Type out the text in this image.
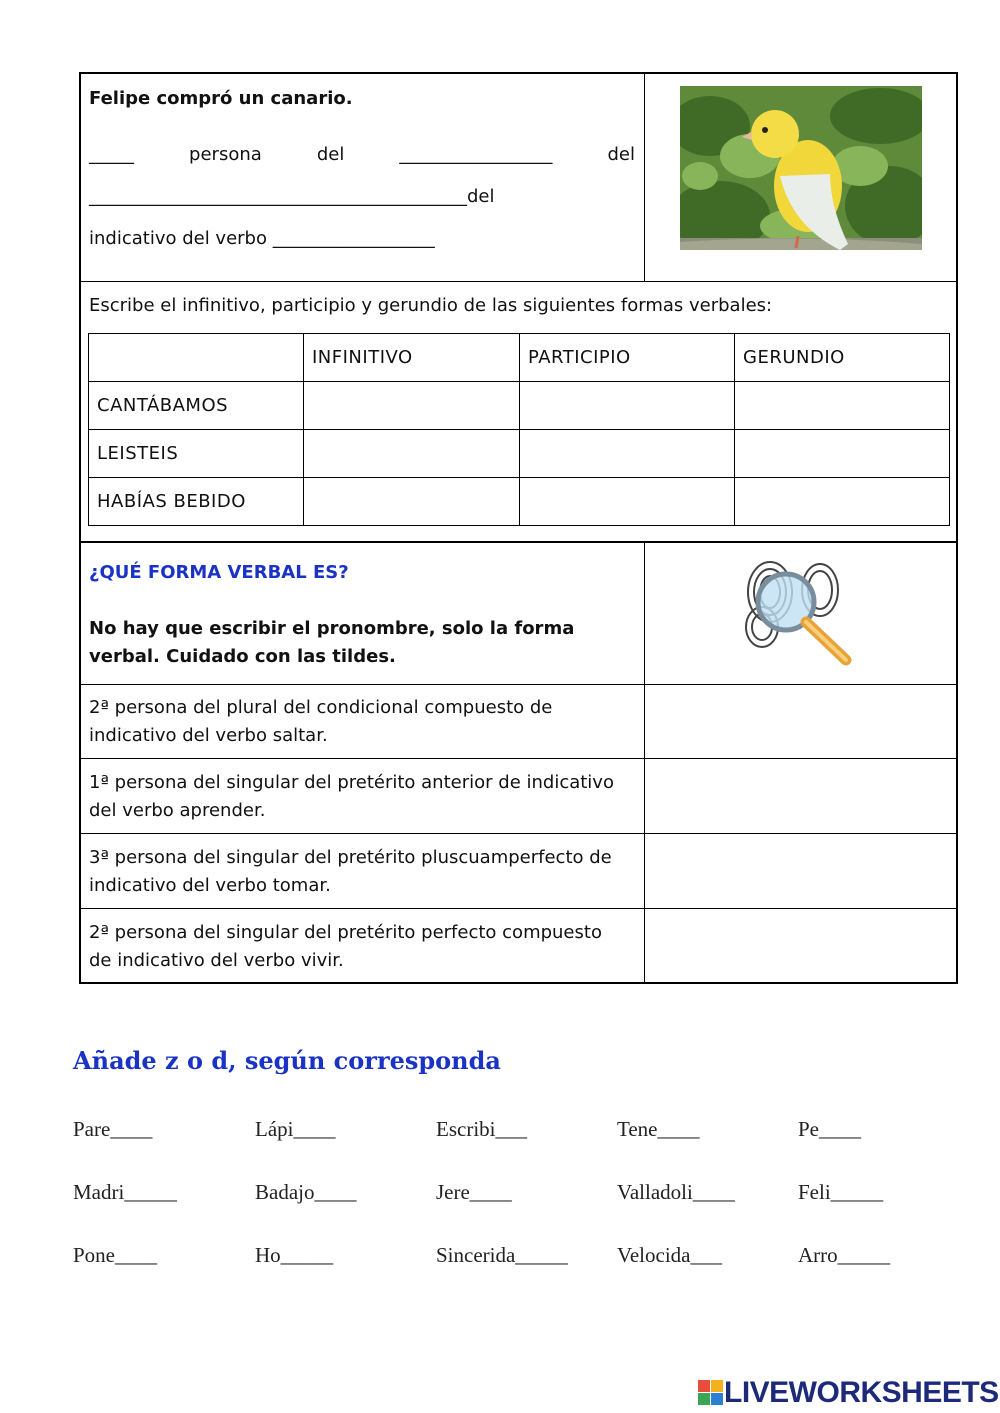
Felipe compró un canario.
_____	persona	del	_________________	del
__________________________________________del
indicativo del verbo __________________
Escribe el infinitivo, participio y gerundio de las siguientes formas verbales:
	INFINITIVO	PARTICIPIO	GERUNDIO
CANTÁBAMOS			
LEISTEIS			
HABÍAS BEBIDO			
¿QUÉ FORMA VERBAL ES?
No hay que escribir el pronombre, solo la forma
verbal. Cuidado con las tildes.
2ª persona del plural del condicional compuesto de
indicativo del verbo saltar.
1ª persona del singular del pretérito anterior de indicativo
del verbo aprender.
3ª persona del singular del pretérito pluscuamperfecto de
indicativo del verbo tomar.
2ª persona del singular del pretérito perfecto compuesto
de indicativo del verbo vivir.
Añade z o d, según corresponda
Pare____	Lápi____	Escribi___	Tene____	Pe____
Madri_____	Badajo____	Jere____	Valladoli____	Feli_____
Pone____	Ho_____	Sincerida_____ Velocida___	Arro_____
LIVEWORKSHEETS
